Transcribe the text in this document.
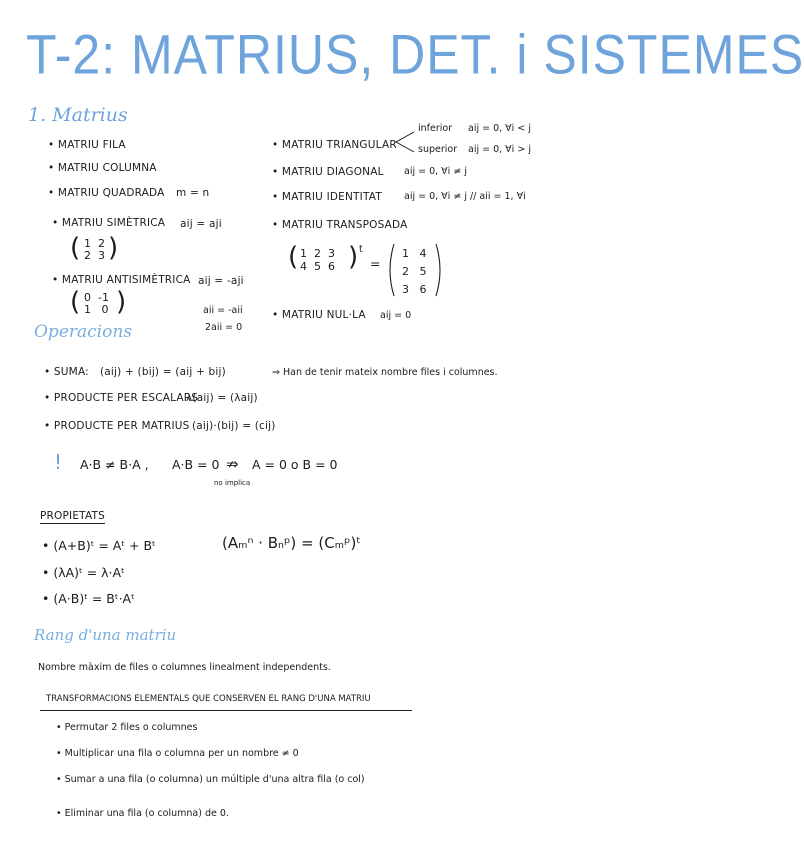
T-2: MATRIUS, DET. i SISTEMES
1. Matrius
• MATRIU FILA
• MATRIU COLUMNA
• MATRIU QUADRADA m = n
• MATRIU SIMÈTRICA aij = aji
( 1 2
2 3 )
• MATRIU ANTISIMÈTRICA aij = -aji
( 0 -1
1 0 )	aii = -aii
2aii = 0
• MATRIU TRIANGULAR
inferior aij = 0, ∀i < j
superior aij = 0, ∀i > j
• MATRIU DIAGONAL aij = 0, ∀i ≠ j
• MATRIU IDENTITAT aij = 0, ∀i ≠ j // aii = 1, ∀i
• MATRIU TRANSPOSADA
( 1 2 3
4 5 6 ) t
=
1 4
2 5
3 6
• MATRIU NUL·LA aij = 0
Operacions
• SUMA: (aij) + (bij) = (aij + bij)	⇒ Han de tenir mateix nombre files i columnes.
• PRODUCTE PER ESCALARS
λ(aij) = (λaij)
• PRODUCTE PER MATRIUS (aij)·(bij) = (cij)
! A·B ≠ B·A , A·B = 0 ⇏ A = 0 o B = 0
no implica
PROPIETATS
• (A+B)ᵗ = Aᵗ + Bᵗ
• (λA)ᵗ = λ·Aᵗ
• (A·B)ᵗ = Bᵗ·Aᵗ
(Aₘⁿ · Bₙᵖ) = (Cₘᵖ)ᵗ
Rang d'una matriu
Nombre màxim de files o columnes linealment independents.
TRANSFORMACIONS ELEMENTALS QUE CONSERVEN EL RANG D'UNA MATRIU
• Permutar 2 files o columnes
• Multiplicar una fila o columna per un nombre ≠ 0
• Sumar a una fila (o columna) un múltiple d'una altra fila (o col)
• Eliminar una fila (o columna) de 0.
